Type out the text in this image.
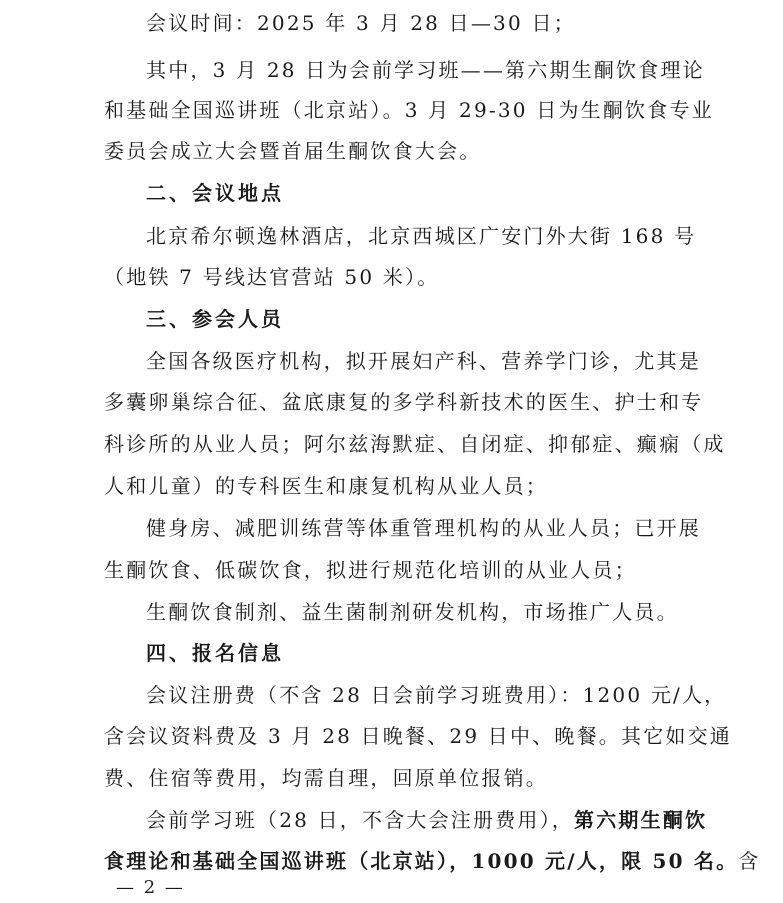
会议时间：2025 年 3 月 28 日—30 日；
其中，3 月 28 日为会前学习班——第六期生酮饮食理论
和基础全国巡讲班（北京站）。3 月 29-30 日为生酮饮食专业
委员会成立大会暨首届生酮饮食大会。
二、会议地点
北京希尔顿逸林酒店，北京西城区广安门外大街 168 号
（地铁 7 号线达官营站 50 米）。
三、参会人员
全国各级医疗机构，拟开展妇产科、营养学门诊，尤其是
多囊卵巢综合征、盆底康复的多学科新技术的医生、护士和专
科诊所的从业人员；阿尔兹海默症、自闭症、抑郁症、癫痫（成
人和儿童）的专科医生和康复机构从业人员；
健身房、减肥训练营等体重管理机构的从业人员；已开展
生酮饮食、低碳饮食，拟进行规范化培训的从业人员；
生酮饮食制剂、益生菌制剂研发机构，市场推广人员。
四、报名信息
会议注册费（不含 28 日会前学习班费用）：1200 元/人，
含会议资料费及 3 月 28 日晚餐、29 日中、晚餐。其它如交通
费、住宿等费用，均需自理，回原单位报销。
会前学习班（28 日，不含大会注册费用），第六期生酮饮
食理论和基础全国巡讲班（北京站），1000 元/人，限 50 名。含
— 2 —
